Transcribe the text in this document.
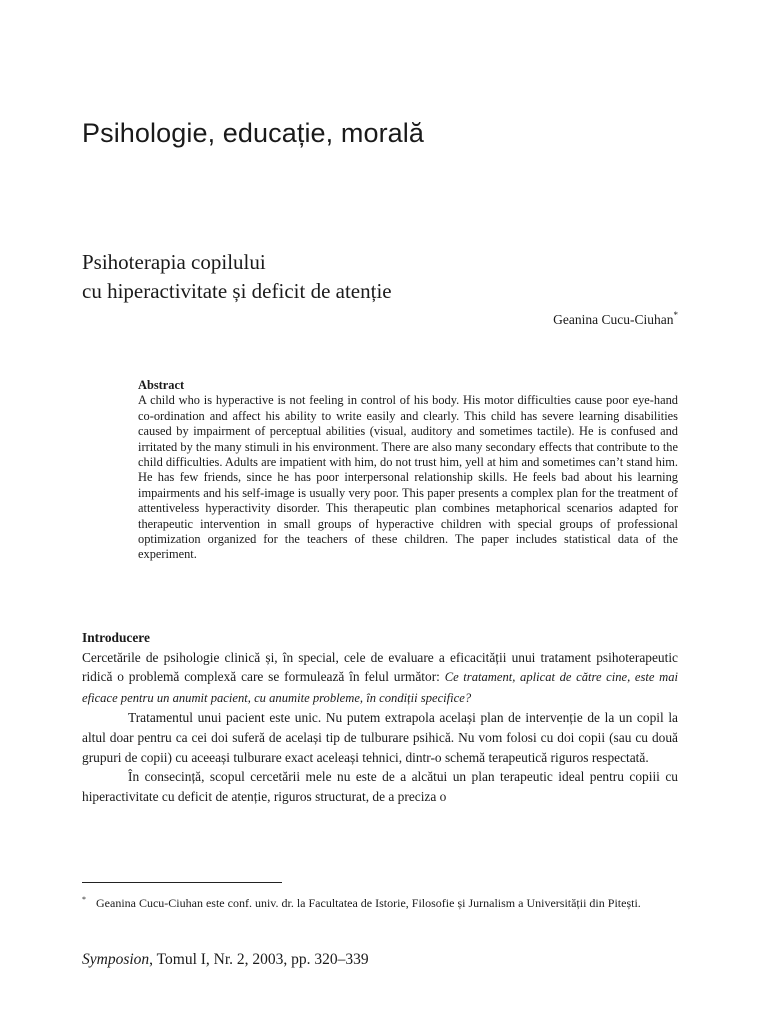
Psihologie, educație, morală
Psihoterapia copilului
cu hiperactivitate și deficit de atenție
Geanina Cucu-Ciuhan*

Abstract

A child who is hyperactive is not feeling in control of his body. His motor difficulties cause poor eye-hand co-ordination and affect his ability to write easily and clearly. This child has severe learning disabilities caused by impairment of perceptual abilities (visual, auditory and sometimes tactile). He is confused and irritated by the many stimuli in his environment. There are also many secondary effects that contribute to the child difficulties. Adults are impatient with him, do not trust him, yell at him and sometimes can’t stand him. He has few friends, since he has poor interpersonal relationship skills. He feels bad about his learning impairments and his self-image is usually very poor. This paper presents a complex plan for the treatment of attentiveless hyperactivity disorder. This therapeutic plan combines metaphorical scenarios adapted for therapeutic intervention in small groups of hyperactive children with special groups of professional optimization organized for the teachers of these children. The paper includes statistical data of the experiment.

Introducere

Cercetările de psihologie clinică și, în special, cele de evaluare a eficacității unui tratament psihoterapeutic ridică o problemă complexă care se formulează în felul următor: Ce tratament, aplicat de către cine, este mai eficace pentru un anumit pacient, cu anumite probleme, în condiții specifice?

Tratamentul unui pacient este unic. Nu putem extrapola același plan de intervenție de la un copil la altul doar pentru ca cei doi suferă de același tip de tulburare psihică. Nu vom folosi cu doi copii (sau cu două grupuri de copii) cu aceeași tulburare exact aceleași tehnici, dintr-o schemă terapeutică riguros respectată.

În consecință, scopul cercetării mele nu este de a alcătui un plan terapeutic ideal pentru copiii cu hiperactivitate cu deficit de atenție, riguros structurat, de a preciza o

* Geanina Cucu-Ciuhan este conf. univ. dr. la Facultatea de Istorie, Filosofie și Jurnalism a Universității din Pitești.

Symposion, Tomul I, Nr. 2, 2003, pp. 320–339
